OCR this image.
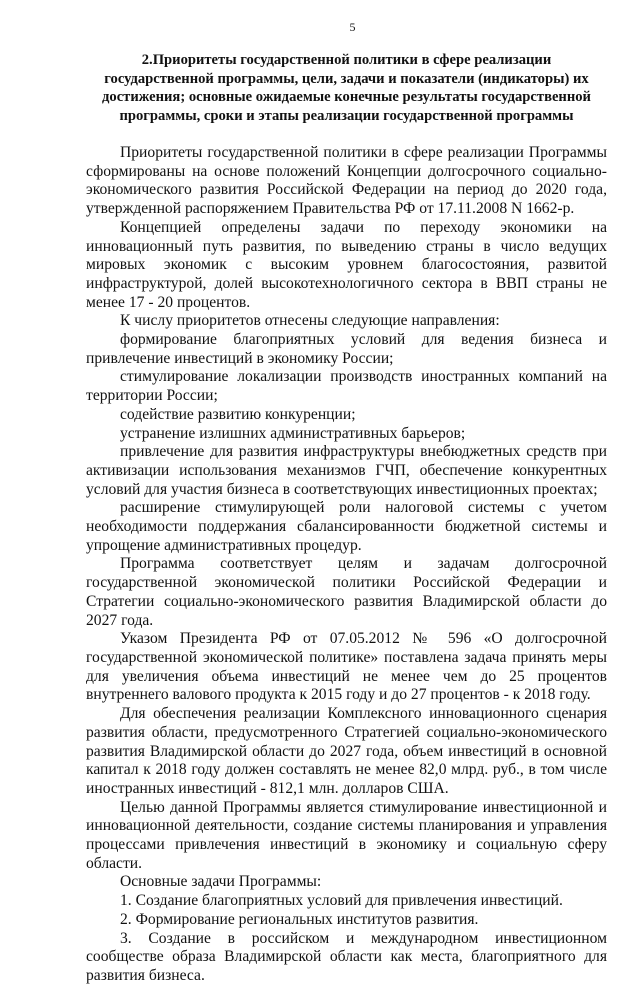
5
2.Приоритеты государственной политики в сфере реализации государственной программы, цели, задачи и показатели (индикаторы) их достижения; основные ожидаемые конечные результаты государственной программы, сроки и этапы реализации государственной программы

Приоритеты государственной политики в сфере реализации Программы сформированы на основе положений Концепции долгосрочного социально-экономического развития Российской Федерации на период до 2020 года, утвержденной распоряжением Правительства РФ от 17.11.2008 N 1662-р.

Концепцией определены задачи по переходу экономики на инновационный путь развития, по выведению страны в число ведущих мировых экономик с высоким уровнем благосостояния, развитой инфраструктурой, долей высокотехнологичного сектора в ВВП страны не менее 17 - 20 процентов.

К числу приоритетов отнесены следующие направления:

формирование благоприятных условий для ведения бизнеса и привлечение инвестиций в экономику России;

стимулирование локализации производств иностранных компаний на территории России;

содействие развитию конкуренции;

устранение излишних административных барьеров;

привлечение для развития инфраструктуры внебюджетных средств при активизации использования механизмов ГЧП, обеспечение конкурентных условий для участия бизнеса в соответствующих инвестиционных проектах;

расширение стимулирующей роли налоговой системы с учетом необходимости поддержания сбалансированности бюджетной системы и упрощение административных процедур.

Программа соответствует целям и задачам долгосрочной государственной экономической политики Российской Федерации и Стратегии социально-экономического развития Владимирской области до 2027 года.

Указом Президента РФ от 07.05.2012 № 596 «О долгосрочной государственной экономической политике» поставлена задача принять меры для увеличения объема инвестиций не менее чем до 25 процентов внутреннего валового продукта к 2015 году и до 27 процентов - к 2018 году.

Для обеспечения реализации Комплексного инновационного сценария развития области, предусмотренного Стратегией социально-экономического развития Владимирской области до 2027 года, объем инвестиций в основной капитал к 2018 году должен составлять не менее 82,0 млрд. руб., в том числе иностранных инвестиций - 812,1 млн. долларов США.

Целью данной Программы является стимулирование инвестиционной и инновационной деятельности, создание системы планирования и управления процессами привлечения инвестиций в экономику и социальную сферу области.

Основные задачи Программы:

1. Создание благоприятных условий для привлечения инвестиций.

2. Формирование региональных институтов развития.

3. Создание в российском и международном инвестиционном сообществе образа Владимирской области как места, благоприятного для развития бизнеса.
